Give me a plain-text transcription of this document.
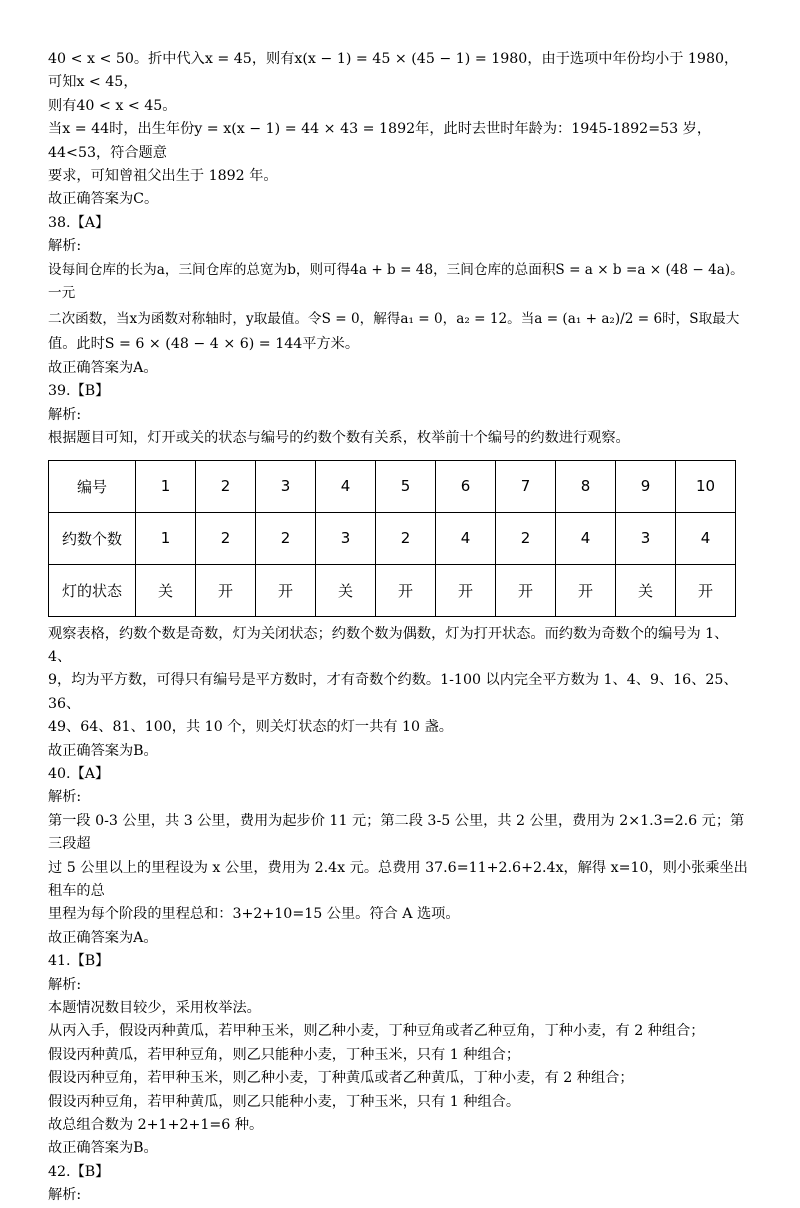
40 < x < 50。折中代入x = 45，则有x(x − 1) = 45 × (45 − 1) = 1980，由于选项中年份均小于 1980，可知x < 45，

则有40 < x < 45。

当x = 44时，出生年份y = x(x − 1) = 44 × 43 = 1892年，此时去世时年龄为：1945-1892=53 岁，44<53，符合题意

要求，可知曾祖父出生于 1892 年。

故正确答案为C。

38.【A】

解析:

设每间仓库的长为a，三间仓库的总宽为b，则可得4a + b = 48，三间仓库的总面积S = a × b =a × (48 − 4a)。一元

二次函数，当x为函数对称轴时，y取最值。令S = 0，解得a₁ = 0，a₂ = 12。当a = (a₁ + a₂)/2 = 6时，S取最大

值。此时S = 6 × (48 − 4 × 6) = 144平方米。

故正确答案为A。

39.【B】

解析:

根据题目可知，灯开或关的状态与编号的约数个数有关系，枚举前十个编号的约数进行观察。

编号	1	2	3	4	5	6	7	8	9	10
约数个数	1	2	2	3	2	4	2	4	3	4
灯的状态	关	开	开	关	开	开	开	开	关	开

观察表格，约数个数是奇数，灯为关闭状态；约数个数为偶数，灯为打开状态。而约数为奇数个的编号为 1、4、

9，均为平方数，可得只有编号是平方数时，才有奇数个约数。1-100 以内完全平方数为 1、4、9、16、25、36、

49、64、81、100，共 10 个，则关灯状态的灯一共有 10 盏。

故正确答案为B。

40.【A】

解析:

第一段 0-3 公里，共 3 公里，费用为起步价 11 元；第二段 3-5 公里，共 2 公里，费用为 2×1.3=2.6 元；第三段超

过 5 公里以上的里程设为 x 公里，费用为 2.4x 元。总费用 37.6=11+2.6+2.4x，解得 x=10，则小张乘坐出租车的总

里程为每个阶段的里程总和：3+2+10=15 公里。符合 A 选项。

故正确答案为A。

41.【B】

解析:

本题情况数目较少，采用枚举法。

从丙入手，假设丙种黄瓜，若甲种玉米，则乙种小麦，丁种豆角或者乙种豆角，丁种小麦，有 2 种组合；

假设丙种黄瓜，若甲种豆角，则乙只能种小麦，丁种玉米，只有 1 种组合；

假设丙种豆角，若甲种玉米，则乙种小麦，丁种黄瓜或者乙种黄瓜，丁种小麦，有 2 种组合；

假设丙种豆角，若甲种黄瓜，则乙只能种小麦，丁种玉米，只有 1 种组合。

故总组合数为 2+1+2+1=6 种。

故正确答案为B。

42.【B】

解析:
